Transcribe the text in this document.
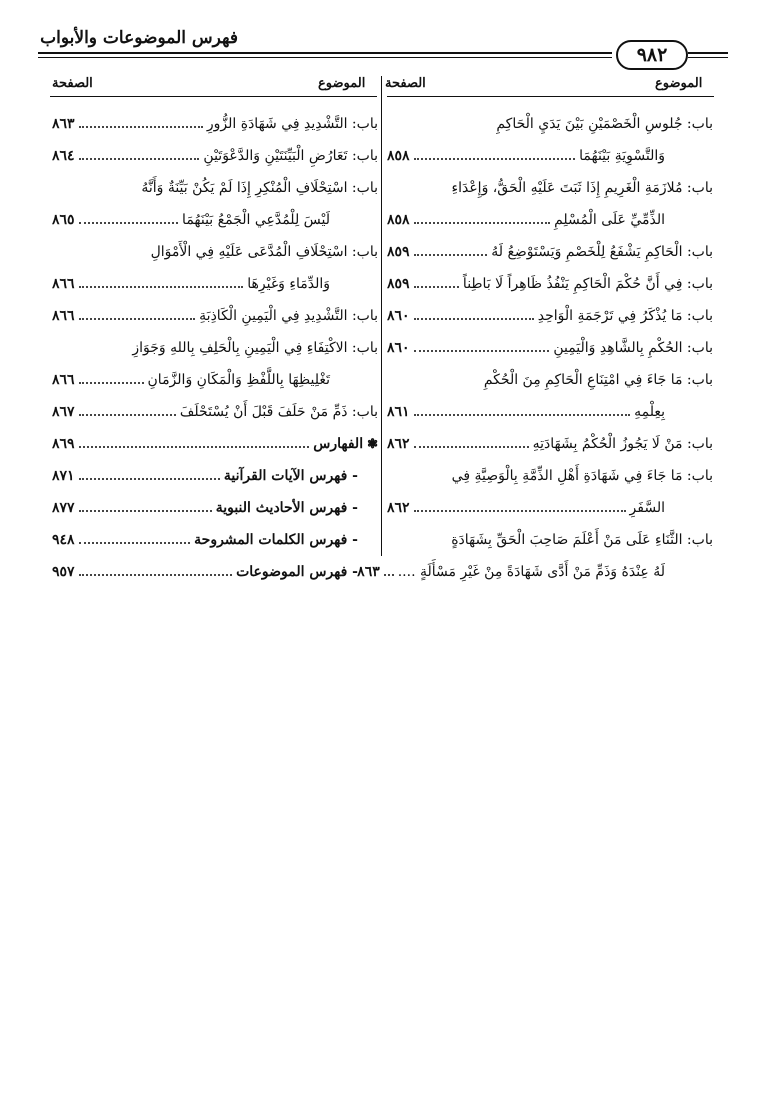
فهرس الموضوعات والأبواب
٩٨٢
الموضوع
الصفحة
الموضوع
الصفحة
باب: جُلوسِ الْخَصْمَيْنِ بَيْنَ يَدَيِ الْحَاكِمِ
وَالتَّسْوِيَةِ بَيْنَهُمَا
٨٥٨
باب: مُلازَمَةِ الْغَرِيمِ إِذَا ثَبَتَ عَلَيْهِ الْحَقُّ، وَإِعْدَاءِ
الذِّمِّيِّ عَلَى الْمُسْلِمِ
٨٥٨
باب: الْحَاكِمِ يَشْفَعُ لِلْخَصْمِ وَيَسْتَوْضِعُ لَهُ
٨٥٩
باب: فِي أَنَّ حُكْمَ الْحَاكِمِ يَنْفُذُ ظَاهِراً لَا بَاطِناً
٨٥٩
باب: مَا يُذْكَرُ فِي تَرْجَمَةِ الْوَاحِدِ
٨٦٠
باب: الحُكْمِ بِالشَّاهِدِ وَالْيَمِينِ
٨٦٠
باب: مَا جَاءَ فِي امْتِنَاعِ الْحَاكِمِ مِنَ الْحُكْمِ
بِعِلْمِهِ
٨٦١
باب: مَنْ لَا يَجُوزُ الْحُكْمُ بِشَهَادَتِهِ
٨٦٢
باب: مَا جَاءَ فِي شَهَادَةِ أَهْلِ الذِّمَّةِ بِالْوَصِيَّةِ فِي
السَّفَرِ
٨٦٢
باب: الثَّنَاءِ عَلَى مَنْ أَعْلَمَ صَاحِبَ الْحَقِّ بِشَهَادَةٍ
لَهُ عِنْدَهُ وَذَمِّ مَنْ أَدَّى شَهَادَةً مِنْ غَيْرِ مَسْأَلَةٍ ....
٨٦٣
باب: التَّشْدِيدِ فِي شَهَادَةِ الزُّورِ
٨٦٣
باب: تَعَارُضِ الْبَيِّنَتَيْنِ وَالدَّعْوَتَيْنِ
٨٦٤
باب: اسْتِحْلَافِ الْمُنْكِرِ إِذَا لَمْ يَكُنْ بَيِّنَةٌ وَأَنَّهُ
لَيْسَ لِلْمُدَّعِي الْجَمْعُ بَيْنَهُمَا
٨٦٥
باب: اسْتِحْلَافِ الْمُدَّعَى عَلَيْهِ فِي الْأَمْوَالِ
وَالدِّمَاءِ وَغَيْرِهَا
٨٦٦
باب: التَّشْدِيدِ فِي الْيَمِينِ الْكَاذِبَةِ
٨٦٦
باب: الاكْتِفَاءِ فِي الْيَمِينِ بِالْحَلِفِ بِاللهِ وَجَوَازِ
تَغْلِيظِهَا بِاللَّفْظِ وَالْمَكَانِ وَالزَّمَانِ
٨٦٦
باب: ذَمِّ مَنْ حَلَفَ قَبْلَ أَنْ يُسْتَحْلَفَ
٨٦٧
❃الفهارس
٨٦٩
- فهرس الآيات القرآنية
٨٧١
- فهرس الأحاديث النبوية
٨٧٧
- فهرس الكلمات المشروحة
٩٤٨
- فهرس الموضوعات
٩٥٧
